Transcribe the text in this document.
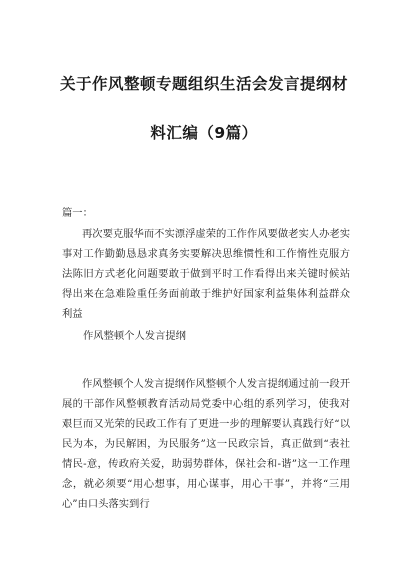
关于作风整顿专题组织生活会发言提纲材
料汇编（9篇）
篇一：
再次要克服华而不实漂浮虚荣的工作作风要做老实人办老实事对工作勤勤恳恳求真务实要解决思维惯性和工作惰性克服方法陈旧方式老化问题要敢于做到平时工作看得出来关键时候站得出来在急难险重任务面前敢于维护好国家利益集体利益群众利益
作风整顿个人发言提纲
作风整顿个人发言提纲作风整顿个人发言提纲通过前一段开展的干部作风整顿教育活动局党委中心组的系列学习，使我对艰巨而又光荣的民政工作有了更进一步的理解要认真践行好“以民为本，为民解困，为民服务”这一民政宗旨，真正做到“表社情民-意，传政府关爱，助弱势群体，保社会和-谐”这一工作理念，就必须要“用心想事，用心谋事，用心干事”，并将“三用心”由口头落实到行
